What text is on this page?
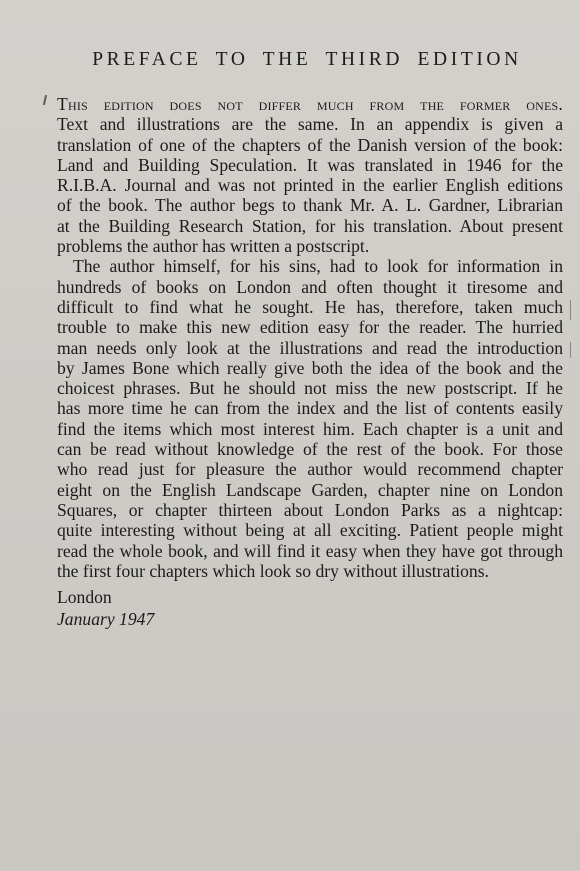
PREFACE TO THE THIRD EDITION

This edition does not differ much from the former ones.
Text and illustrations are the same. In an appendix is given a
translation of one of the chapters of the Danish version of the book:
Land and Building Speculation. It was translated in 1946 for the
R.I.B.A. Journal and was not printed in the earlier English editions
of the book. The author begs to thank Mr. A. L. Gardner, Librarian
at the Building Research Station, for his translation. About present
problems the author has written a postscript.

The author himself, for his sins, had to look for information in
hundreds of books on London and often thought it tiresome and
difficult to find what he sought. He has, therefore, taken much
trouble to make this new edition easy for the reader. The hurried
man needs only look at the illustrations and read the introduction
by James Bone which really give both the idea of the book and the
choicest phrases. But he should not miss the new postscript. If he
has more time he can from the index and the list of contents easily
find the items which most interest him. Each chapter is a unit and
can be read without knowledge of the rest of the book. For those
who read just for pleasure the author would recommend chapter
eight on the English Landscape Garden, chapter nine on London
Squares, or chapter thirteen about London Parks as a nightcap:
quite interesting without being at all exciting. Patient people might
read the whole book, and will find it easy when they have got through
the first four chapters which look so dry without illustrations.

London
January 1947
